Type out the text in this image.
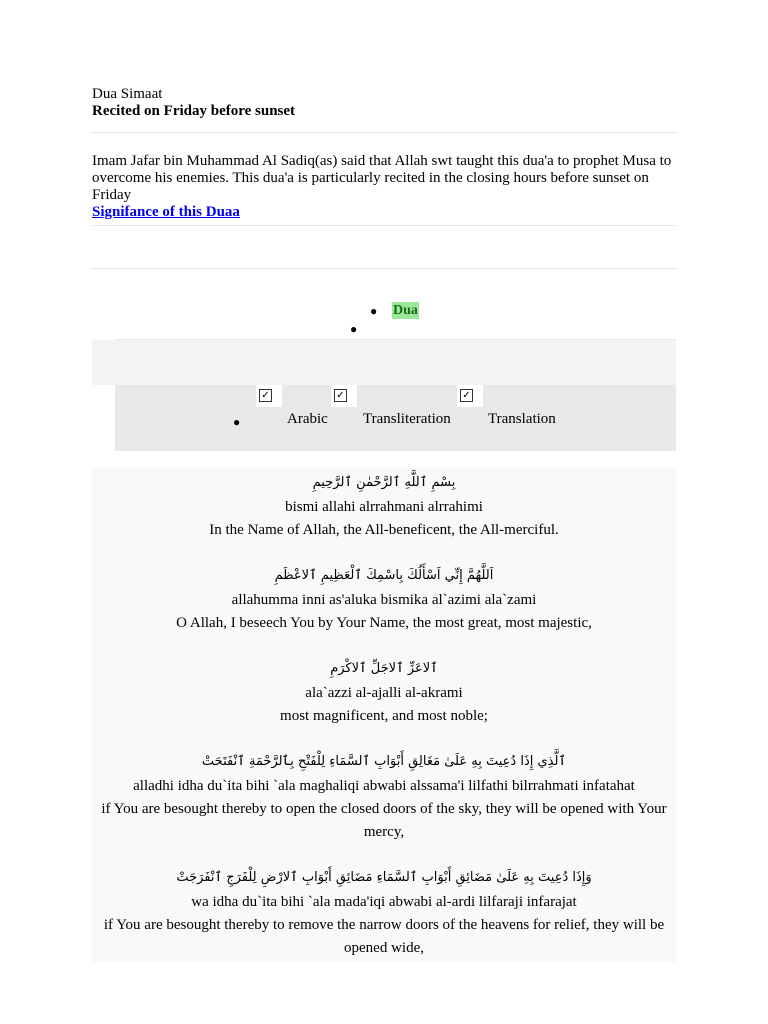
Dua Simaat
Recited on Friday before sunset
Imam Jafar bin Muhammad Al Sadiq(as) said that Allah swt taught this dua'a to prophet Musa to overcome his enemies. This dua'a is particularly recited in the closing hours before sunset on Friday
Signifance of this Duaa
● Dua
● Resources
✓	✓	✓
●	Arabic Transliteration Translation
بِسْمِ ٱللَّهِ ٱلرَّحْمٰنِ ٱلرَّحِيمِ
bismi allahi alrrahmani alrrahimi
In the Name of Allah, the All-beneficent, the All-merciful.
اَللَّهُمَّ إِنِّي اَسْأَلُكَ بِاسْمِكَ ٱلْعَظِيمِ ٱلاعْظَمِ
allahumma inni as'aluka bismika al`azimi ala`zami
O Allah, I beseech You by Your Name, the most great, most majestic,
ٱلاعَزِّ ٱلاجَلِّ ٱلاكْرَمِ
ala`azzi al-ajalli al-akrami
most magnificent, and most noble;
ٱلَّذِي إِذَا دُعِيتَ بِهِ عَلَىٰ مَغَالِقِ أَبْوَابِ ٱلسَّمَاءِ لِلْفَتْحِ بِٱلرَّحْمَةِ ٱنْفَتَحَتْ
alladhi idha du`ita bihi `ala maghaliqi abwabi alssama'i lilfathi bilrrahmati infatahat
if You are besought thereby to open the closed doors of the sky, they will be opened with Your mercy,
وَإِذَا دُعِيتَ بِهِ عَلَىٰ مَضَائِقِ أَبْوَابِ ٱلسَّمَاءِ مَضَائِقِ أَبْوَابِ ٱلارْضِ لِلْفَرَجِ ٱنْفَرَجَتْ
wa idha du`ita bihi `ala mada'iqi abwabi al-ardi lilfaraji infarajat
if You are besought thereby to remove the narrow doors of the heavens for relief, they will be opened wide,
